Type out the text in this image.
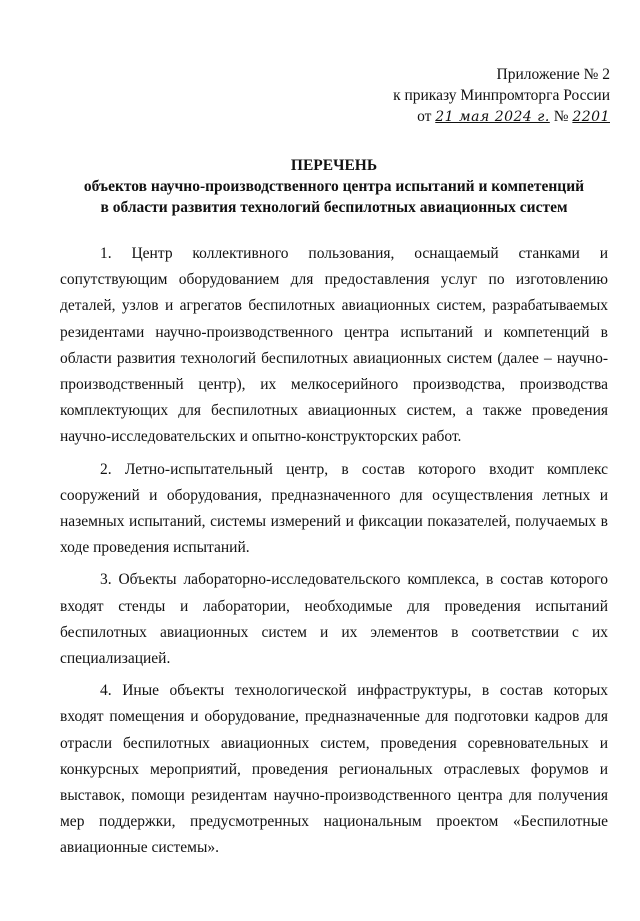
Приложение № 2
к приказу Минпромторга России
от 21 мая 2024 г. № 2201
ПЕРЕЧЕНЬ
объектов научно-производственного центра испытаний и компетенций
в области развития технологий беспилотных авиационных систем

1. Центр коллективного пользования, оснащаемый станками и сопутствующим оборудованием для предоставления услуг по изготовлению деталей, узлов и агрегатов беспилотных авиационных систем, разрабатываемых резидентами научно-производственного центра испытаний и компетенций в области развития технологий беспилотных авиационных систем (далее – научно-производственный центр), их мелкосерийного производства, производства комплектующих для беспилотных авиационных систем, а также проведения научно-исследовательских и опытно-конструкторских работ.

2. Летно-испытательный центр, в состав которого входит комплекс сооружений и оборудования, предназначенного для осуществления летных и наземных испытаний, системы измерений и фиксации показателей, получаемых в ходе проведения испытаний.

3. Объекты лабораторно-исследовательского комплекса, в состав которого входят стенды и лаборатории, необходимые для проведения испытаний беспилотных авиационных систем и их элементов в соответствии с их специализацией.

4. Иные объекты технологической инфраструктуры, в состав которых входят помещения и оборудование, предназначенные для подготовки кадров для отрасли беспилотных авиационных систем, проведения соревновательных и конкурсных мероприятий, проведения региональных отраслевых форумов и выставок, помощи резидентам научно-производственного центра для получения мер поддержки, предусмотренных национальным проектом «Беспилотные авиационные системы».
